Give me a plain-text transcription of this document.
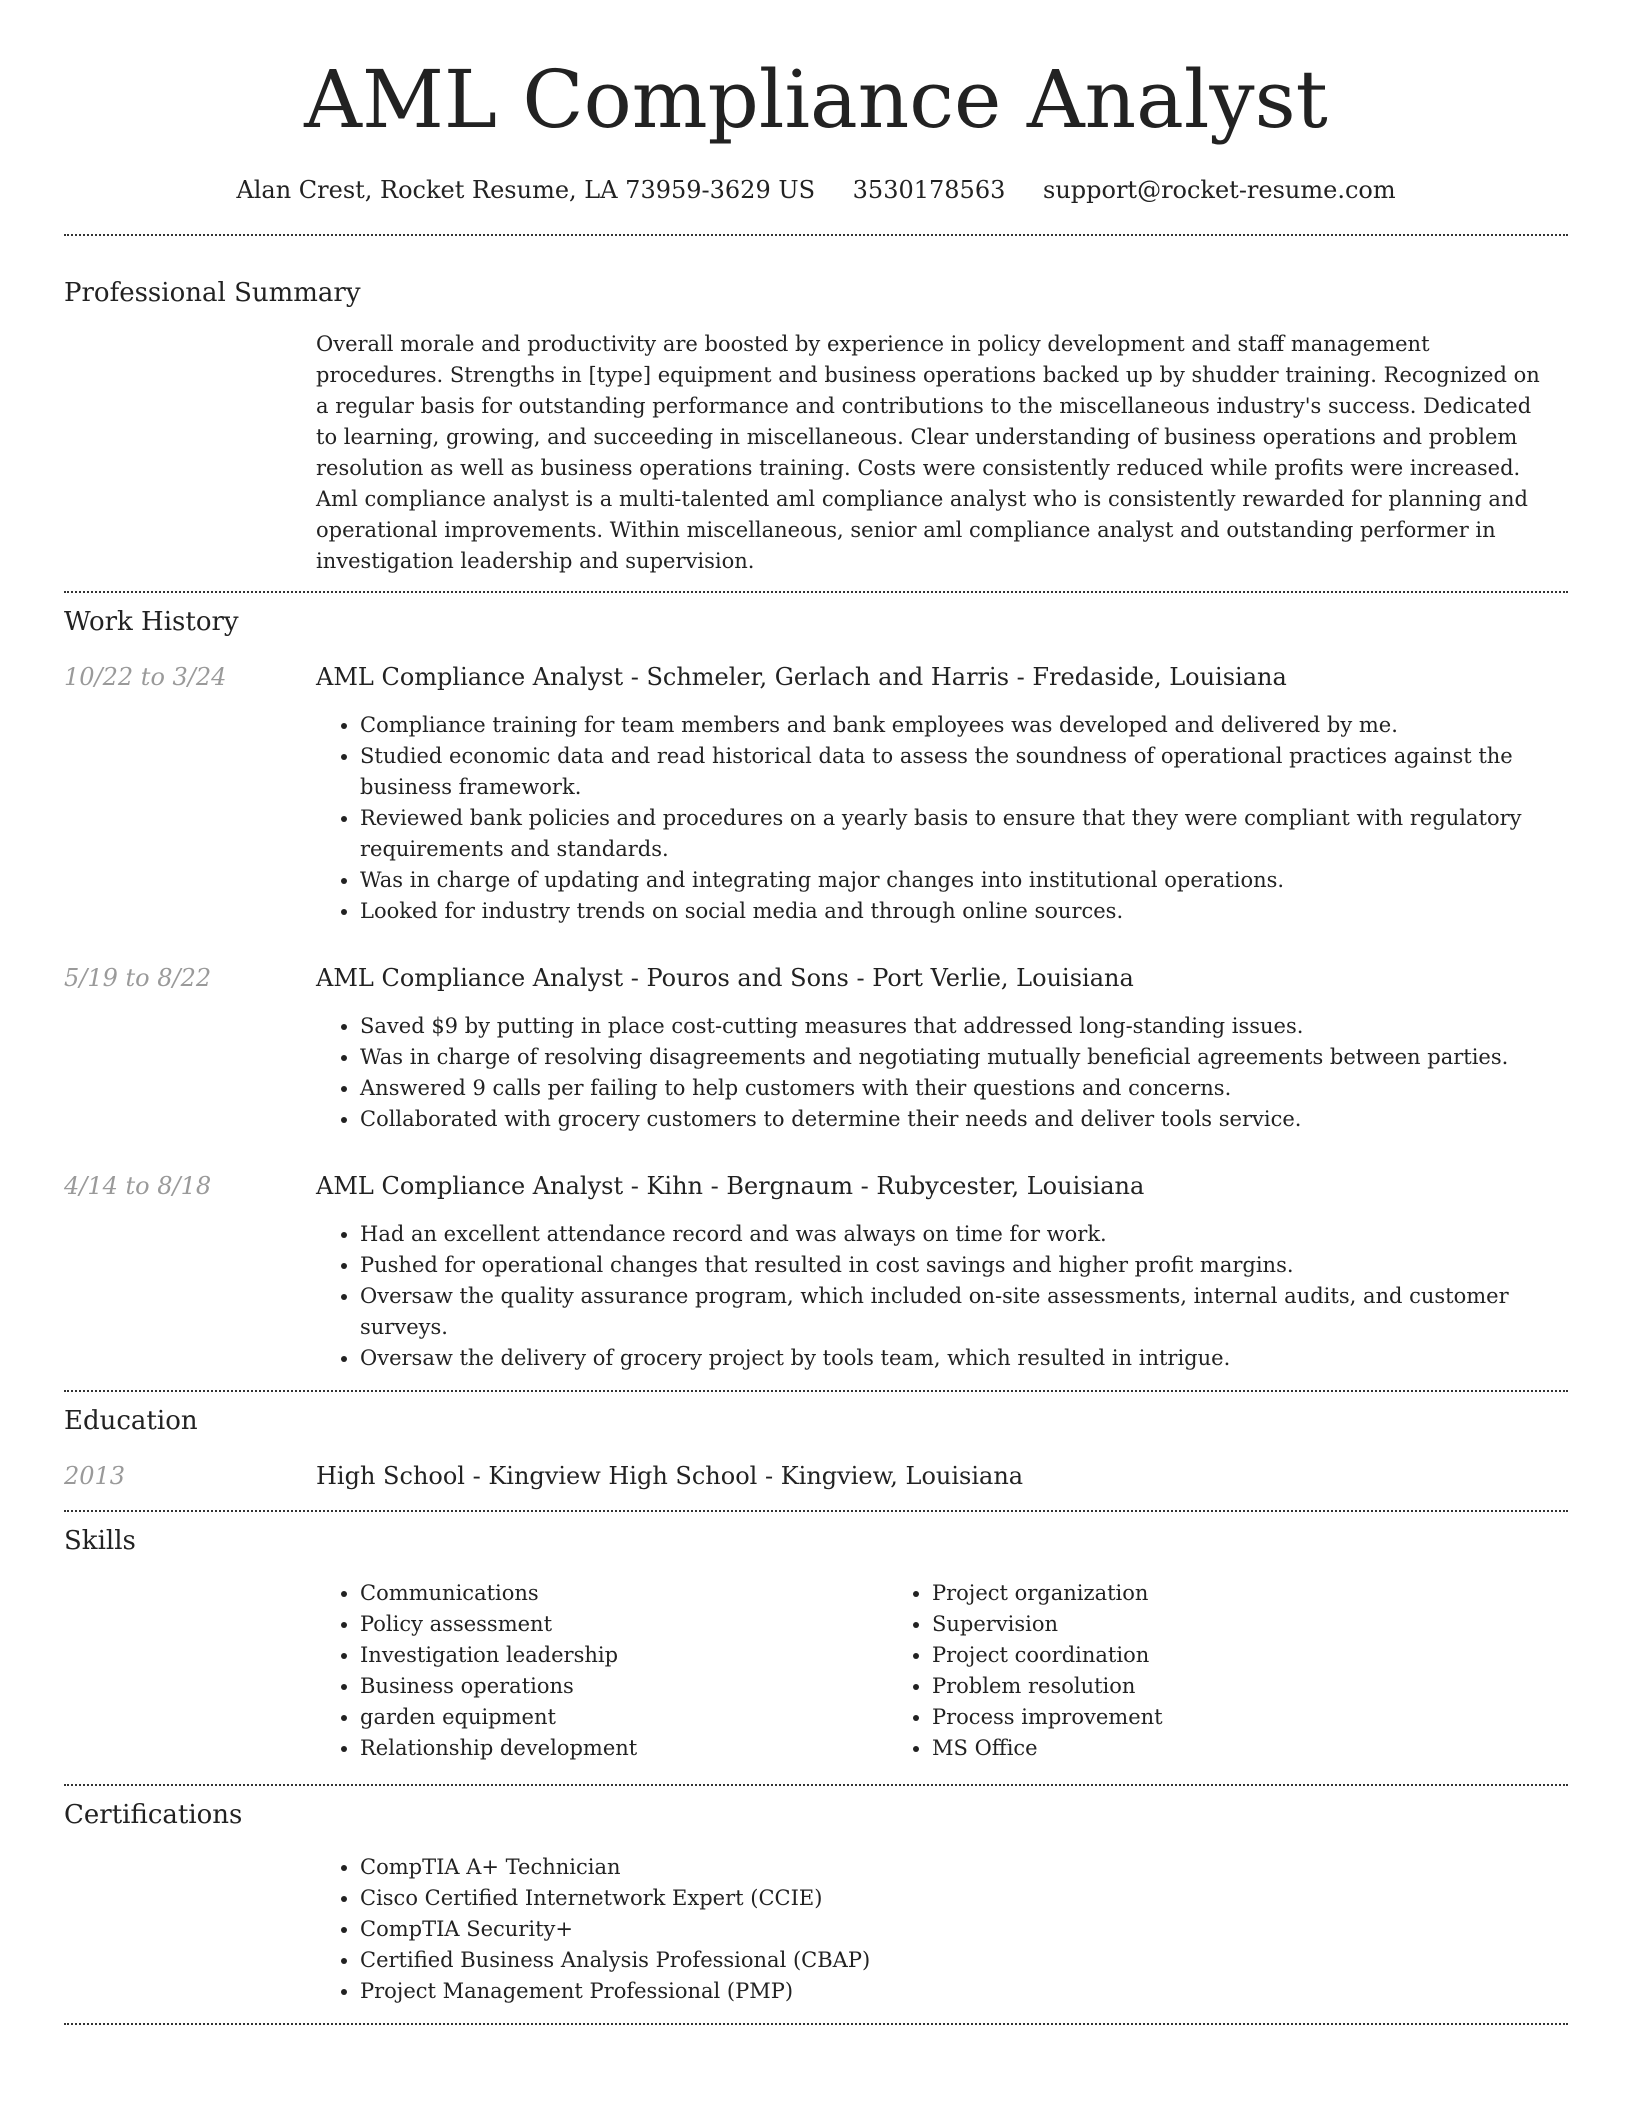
AML Compliance Analyst
Alan Crest, Rocket Resume, LA 73959-3629 US 3530178563 support@rocket-resume.com
Professional Summary
Overall morale and productivity are boosted by experience in policy development and staff management procedures. Strengths in [type] equipment and business operations backed up by shudder training. Recognized on a regular basis for outstanding performance and contributions to the miscellaneous industry's success. Dedicated to learning, growing, and succeeding in miscellaneous. Clear understanding of business operations and problem resolution as well as business operations training. Costs were consistently reduced while profits were increased. Aml compliance analyst is a multi-talented aml compliance analyst who is consistently rewarded for planning and operational improvements. Within miscellaneous, senior aml compliance analyst and outstanding performer in investigation leadership and supervision.
Work History
10/22 to 3/24	AML Compliance Analyst - Schmeler, Gerlach and Harris - Fredaside, Louisiana
• Compliance training for team members and bank employees was developed and delivered by me.
• Studied economic data and read historical data to assess the soundness of operational practices against the business framework.
• Reviewed bank policies and procedures on a yearly basis to ensure that they were compliant with regulatory requirements and standards.
• Was in charge of updating and integrating major changes into institutional operations.
• Looked for industry trends on social media and through online sources.
5/19 to 8/22	AML Compliance Analyst - Pouros and Sons - Port Verlie, Louisiana
• Saved $9 by putting in place cost-cutting measures that addressed long-standing issues.
• Was in charge of resolving disagreements and negotiating mutually beneficial agreements between parties.
• Answered 9 calls per failing to help customers with their questions and concerns.
• Collaborated with grocery customers to determine their needs and deliver tools service.
4/14 to 8/18	AML Compliance Analyst - Kihn - Bergnaum - Rubycester, Louisiana
• Had an excellent attendance record and was always on time for work.
• Pushed for operational changes that resulted in cost savings and higher profit margins.
• Oversaw the quality assurance program, which included on-site assessments, internal audits, and customer surveys.
• Oversaw the delivery of grocery project by tools team, which resulted in intrigue.
Education
2013	High School - Kingview High School - Kingview, Louisiana
Skills
• Communications
• Policy assessment
• Investigation leadership
• Business operations
• garden equipment
• Relationship development
• Project organization
• Supervision
• Project coordination
• Problem resolution
• Process improvement
• MS Office
Certifications
• CompTIA A+ Technician
• Cisco Certified Internetwork Expert (CCIE)
• CompTIA Security+
• Certified Business Analysis Professional (CBAP)
• Project Management Professional (PMP)
